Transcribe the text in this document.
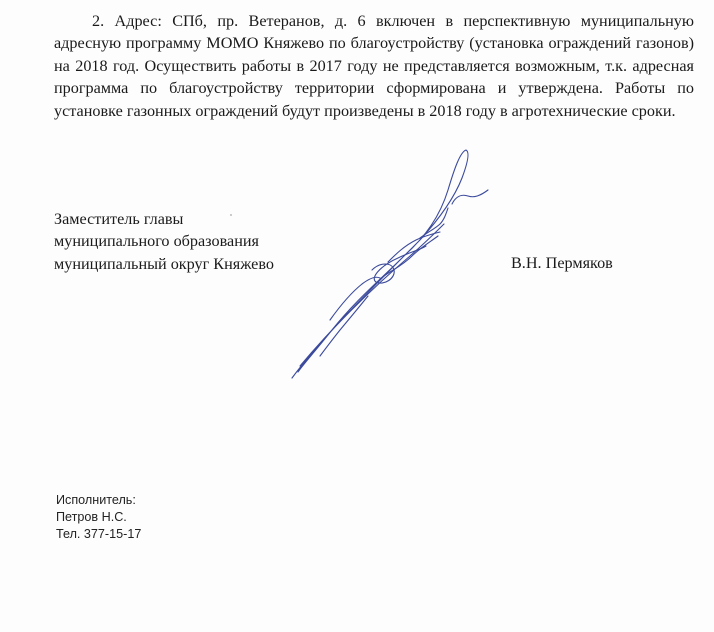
2. Адрес: СПб, пр. Ветеранов, д. 6 включен в перспективную муниципальную
адресную программу МОМО Княжево по благоустройству (установка ограждений газонов)
на 2018 год. Осуществить работы в 2017 году не представляется возможным, т.к. адресная
программа по благоустройству территории сформирована и утверждена. Работы по
установке газонных ограждений будут произведены в 2018 году в агротехнические сроки.
Заместитель главы
муниципального образования
муниципальный округ Княжево	В.Н. Пермяков
Исполнитель:
Петров Н.С.
Тел. 377-15-17
